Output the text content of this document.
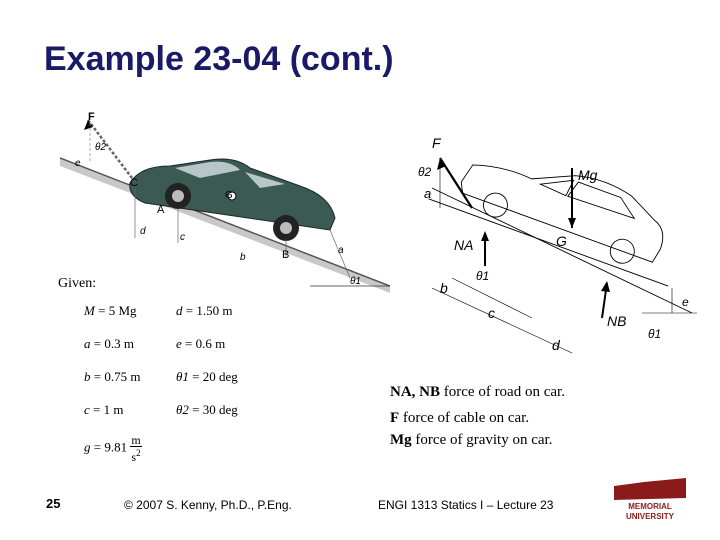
Example 23-04 (cont.)
F
θ2
e
C
G
A
B
d
c
b
a
θ1
F
θ2
a
Mg
G
NA
θ1
b
c	NB
e
θ1
d
Given:
M = 5 Mg	d = 1.50 m
a = 0.3 m	e = 0.6 m
b = 0.75 m	θ1 = 20 deg
c = 1 m	θ2 = 30 deg
$g = 9.81 \frac{m}{s^2}$
NA, NB force of road on car.
F force of cable on car.
Mg force of gravity on car.
25	© 2007 S. Kenny, Ph.D., P.Eng.	ENGI 1313 Statics I – Lecture 23	MEMORIAL
UNIVERSITY
